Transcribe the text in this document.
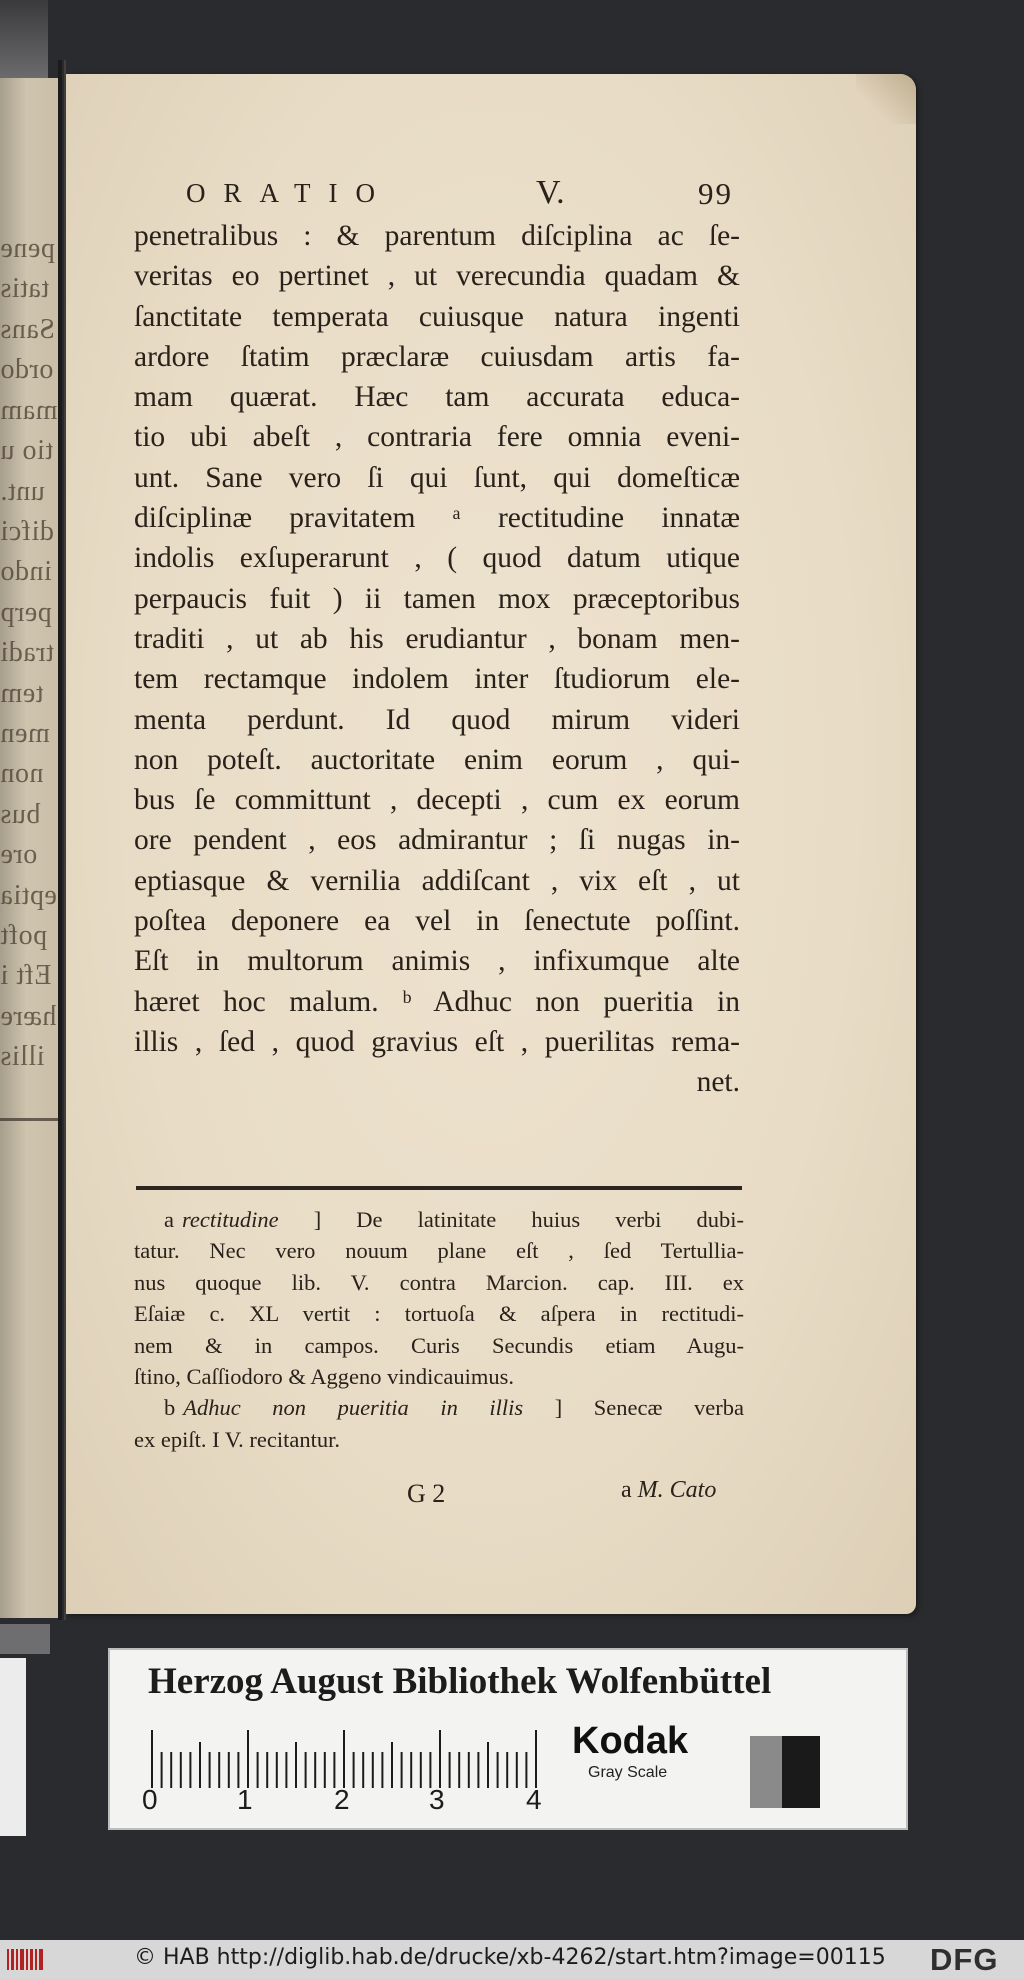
pene
tatis
Sans
ordo
mam
tio u
unt.
difci
indo
perp
tradi
tem
men
non
bus
ore
eptia
poft
Eft i
hære
illis
ORATIO	V.	99
penetralibus : & parentum diſciplina ac ſe-
veritas eo pertinet , ut verecundia quadam &
ſanctitate temperata cuiusque natura ingenti
ardore ſtatim præclaræ cuiusdam artis fa-
mam quærat. Hæc tam accurata educa-
tio ubi abeſt , contraria fere omnia eveni-
unt. Sane vero ſi qui ſunt, qui domeſticæ
diſciplinæ pravitatem ᵃ rectitudine innatæ
indolis exſuperarunt , ( quod datum utique
perpaucis fuit ) ii tamen mox præceptoribus
traditi , ut ab his erudiantur , bonam men-
tem rectamque indolem inter ſtudiorum ele-
menta perdunt. Id quod mirum videri
non poteſt. auctoritate enim eorum , qui-
bus ſe committunt , decepti , cum ex eorum
ore pendent , eos admirantur ; ſi nugas in-
eptiasque & vernilia addiſcant , vix eſt , ut
poſtea deponere ea vel in ſenectute poſſint.
Eſt in multorum animis , infixumque alte
hæret hoc malum. ᵇ Adhuc non pueritia in
illis , ſed , quod gravius eſt , puerilitas rema-
net.
a rectitudine ] De latinitate huius verbi dubi-
tatur. Nec vero nouum plane eſt , ſed Tertullia-
nus quoque lib. V. contra Marcion. cap. III. ex
Eſaiæ c. XL vertit : tortuoſa & aſpera in rectitudi-
nem & in campos. Curis Secundis etiam Augu-
ſtino, Caſſiodoro & Aggeno vindicauimus.
b Adhuc non pueritia in illis ] Senecæ verba
ex epiſt. I V. recitantur.
G 2	a M. Cato
Herzog August Bibliothek Wolfenbüttel
0	1	2	3	4
Kodak
Gray Scale
© HAB http://diglib.hab.de/drucke/xb-4262/start.htm?image=00115 DFG
